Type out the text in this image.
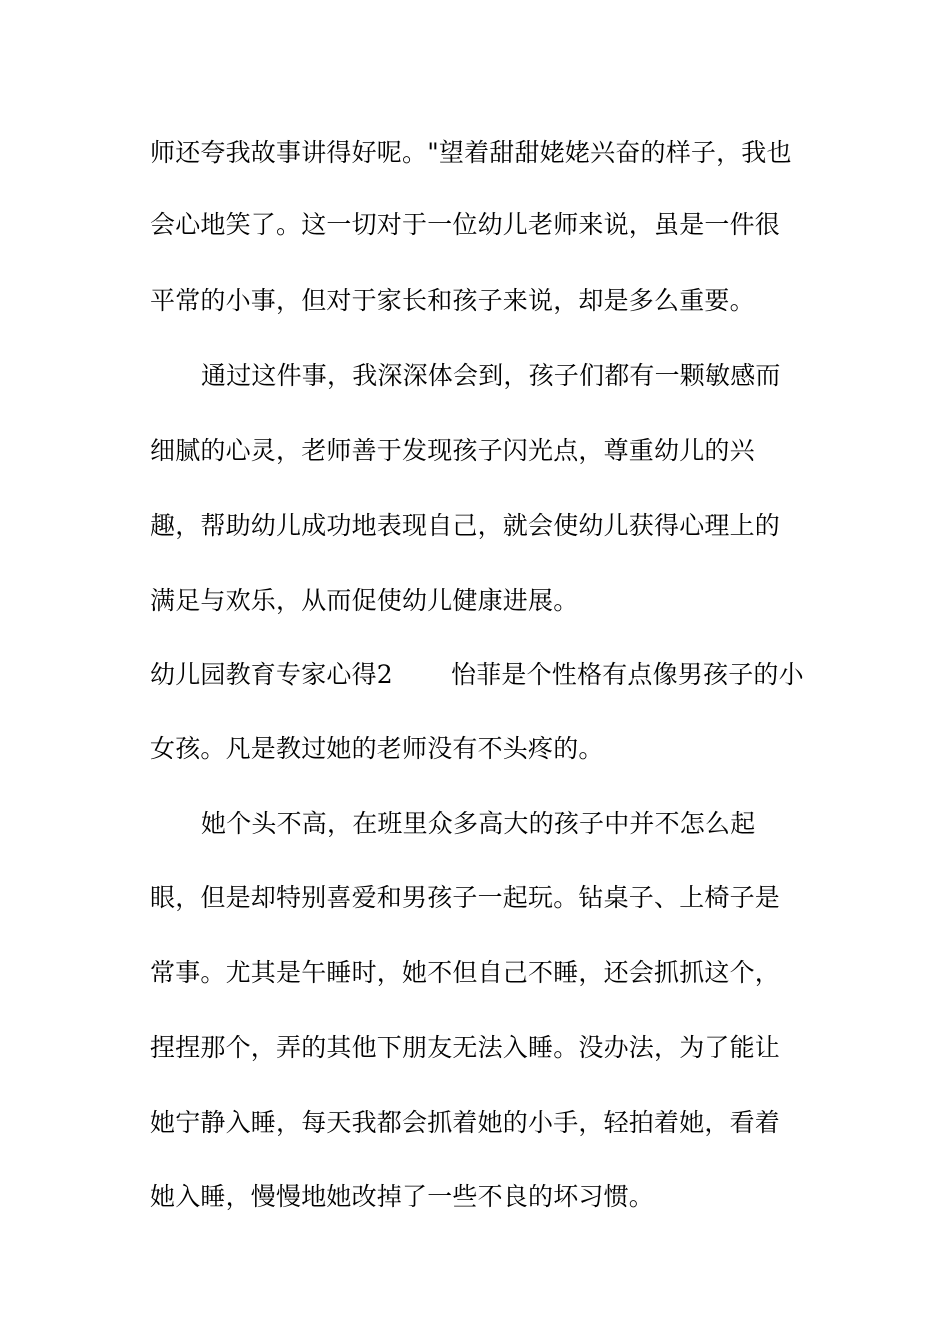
师还夸我故事讲得好呢。"望着甜甜姥姥兴奋的样子，我也
会心地笑了。这一切对于一位幼儿老师来说，虽是一件很
平常的小事，但对于家长和孩子来说，却是多么重要。
通过这件事，我深深体会到，孩子们都有一颗敏感而
细腻的心灵，老师善于发现孩子闪光点，尊重幼儿的兴
趣，帮助幼儿成功地表现自己，就会使幼儿获得心理上的
满足与欢乐，从而促使幼儿健康进展。
幼儿园教育专家心得2 怡菲是个性格有点像男孩子的小
女孩。凡是教过她的老师没有不头疼的。
她个头不高，在班里众多高大的孩子中并不怎么起
眼，但是却特别喜爱和男孩子一起玩。钻桌子、上椅子是
常事。尤其是午睡时，她不但自己不睡，还会抓抓这个，
捏捏那个，弄的其他下朋友无法入睡。没办法，为了能让
她宁静入睡，每天我都会抓着她的小手，轻拍着她，看着
她入睡，慢慢地她改掉了一些不良的坏习惯。
